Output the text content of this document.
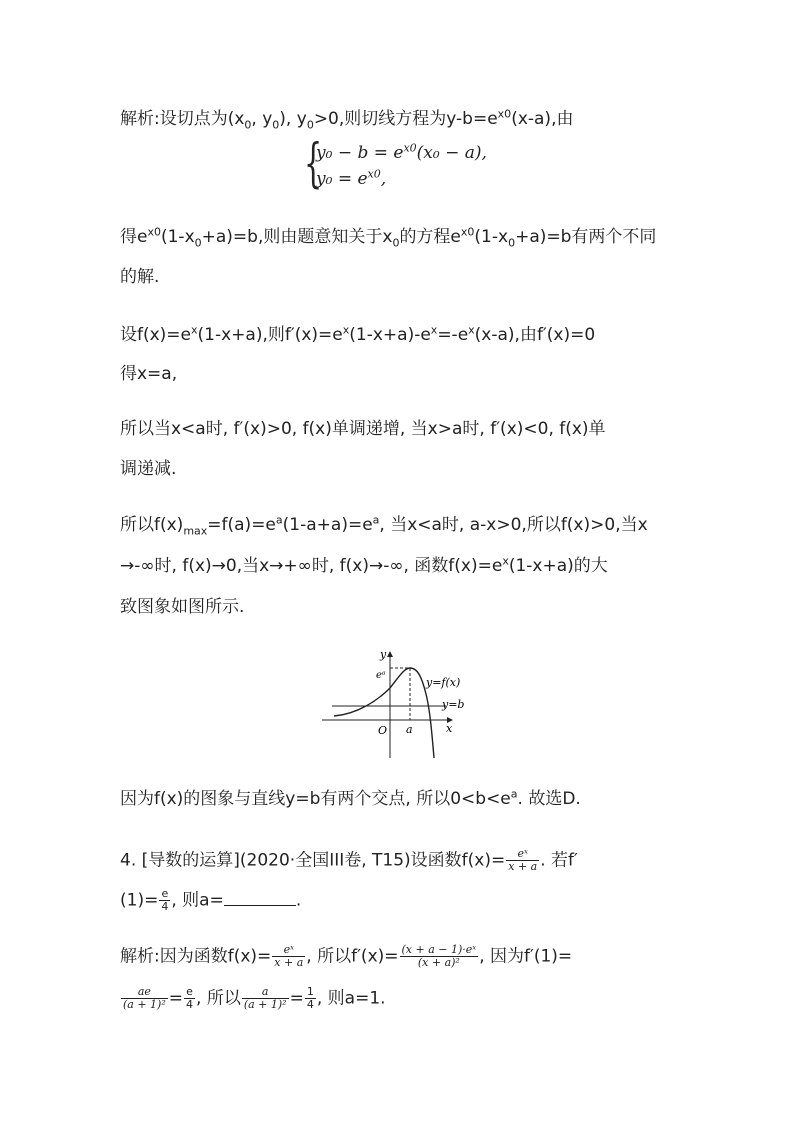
解析:设切点为($x_0$, $y_0$), $y_0>0$,则切线方程为$y-b=e^{x0}(x-a)$,由
{
$y_0 - b = e^{x0}(x_0 - a)$,
$y_0 = e^{x0}$,
得$e^{x0}(1-x_0+a)=b$,则由题意知关于$x_0$的方程$e^{x0}(1-x_0+a)=b$有两个不同
的解.
设$f(x)=e^x(1-x+a)$,则$f'(x)=e^x(1-x+a)-e^x=-e^x(x-a)$,由f′(x)=0
得x=a,
所以当x<a时, f′(x)>0, f(x)单调递增, 当x>a时, f′(x)<0, f(x)单
调递减.
所以$f(x)_{max}=f(a)=e^a(1-a+a)=e^a$, 当x<a时, a-x>0,所以f(x)>0,当x
→-∞时, f(x)→0,当x→+∞时, f(x)→-∞, 函数$f(x)=e^x(1-x+a)$的大
致图象如图所示.
y
x
O a
eᵃ
y=f(x)
y=b
因为f(x)的图象与直线y=b有两个交点, 所以$0<b<e^a$. 故选D.
4. [导数的运算](2020·全国III卷, T15)设函数$f(x)= \frac{\text{eˣ}}{x + a}$ . 若f′
$(1)= \frac{e}{4}$ , 则a=	.
解析:因为函数$f(x)= \frac{\text{eˣ}}{x + a}$ , 所以$f'(x)= \frac{\text{(x + a − 1)·eˣ}}{\text{(x + a)²}}$ , 因为f′(1)=
$\frac{ae}{\text{(a + 1)²}} = \frac{e}{4}$ , 所以 $\frac{a}{\text{(a + 1)²}} = \frac{1}{4}$ , 则a=1.
